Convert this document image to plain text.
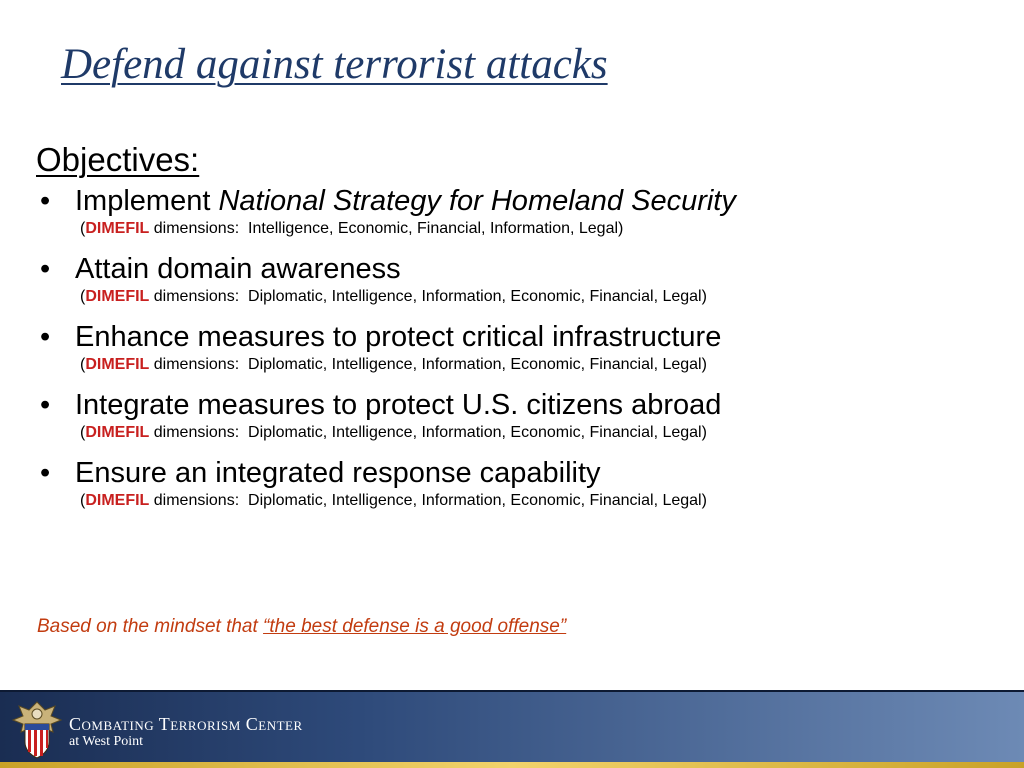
Defend against terrorist attacks
Objectives:
• Implement National Strategy for Homeland Security
(DIMEFIL dimensions:  Intelligence, Economic, Financial, Information, Legal)
• Attain domain awareness
(DIMEFIL dimensions:  Diplomatic, Intelligence, Information, Economic, Financial, Legal)
• Enhance measures to protect critical infrastructure
(DIMEFIL dimensions:  Diplomatic, Intelligence, Information, Economic, Financial, Legal)
• Integrate measures to protect U.S. citizens abroad
(DIMEFIL dimensions:  Diplomatic, Intelligence, Information, Economic, Financial, Legal)
• Ensure an integrated response capability
(DIMEFIL dimensions:  Diplomatic, Intelligence, Information, Economic, Financial, Legal)
Based on the mindset that “the best defense is a good offense”
Combating Terrorism Center
at West Point
